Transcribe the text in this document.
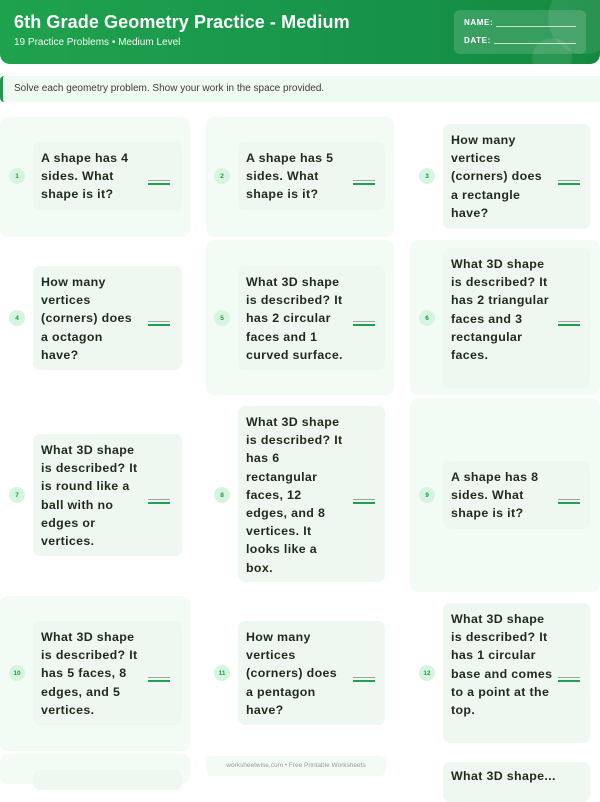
6th Grade Geometry Practice - Medium
19 Practice Problems • Medium Level
NAME:
DATE:
Solve each geometry problem. Show your work in the space provided.
1
A shape has 4 sides. What shape is it?
2
A shape has 5 sides. What shape is it?
3
How many vertices (corners) does a rectangle have?
4
How many vertices (corners) does a octagon have?
5
What 3D shape is described? It has 2 circular faces and 1 curved surface.
6
What 3D shape is described? It has 2 triangular faces and 3 rectangular faces.
7
What 3D shape is described? It is round like a ball with no edges or vertices.
8
What 3D shape is described? It has 6 rectangular faces, 12 edges, and 8 vertices. It looks like a box.
9
A shape has 8 sides. What shape is it?
10
What 3D shape is described? It has 5 faces, 8 edges, and 5 vertices.
11
How many vertices (corners) does a pentagon have?
12
What 3D shape is described? It has 1 circular base and comes to a point at the top.
What 3D shape...
worksheetwise.com • Free Printable Worksheets
